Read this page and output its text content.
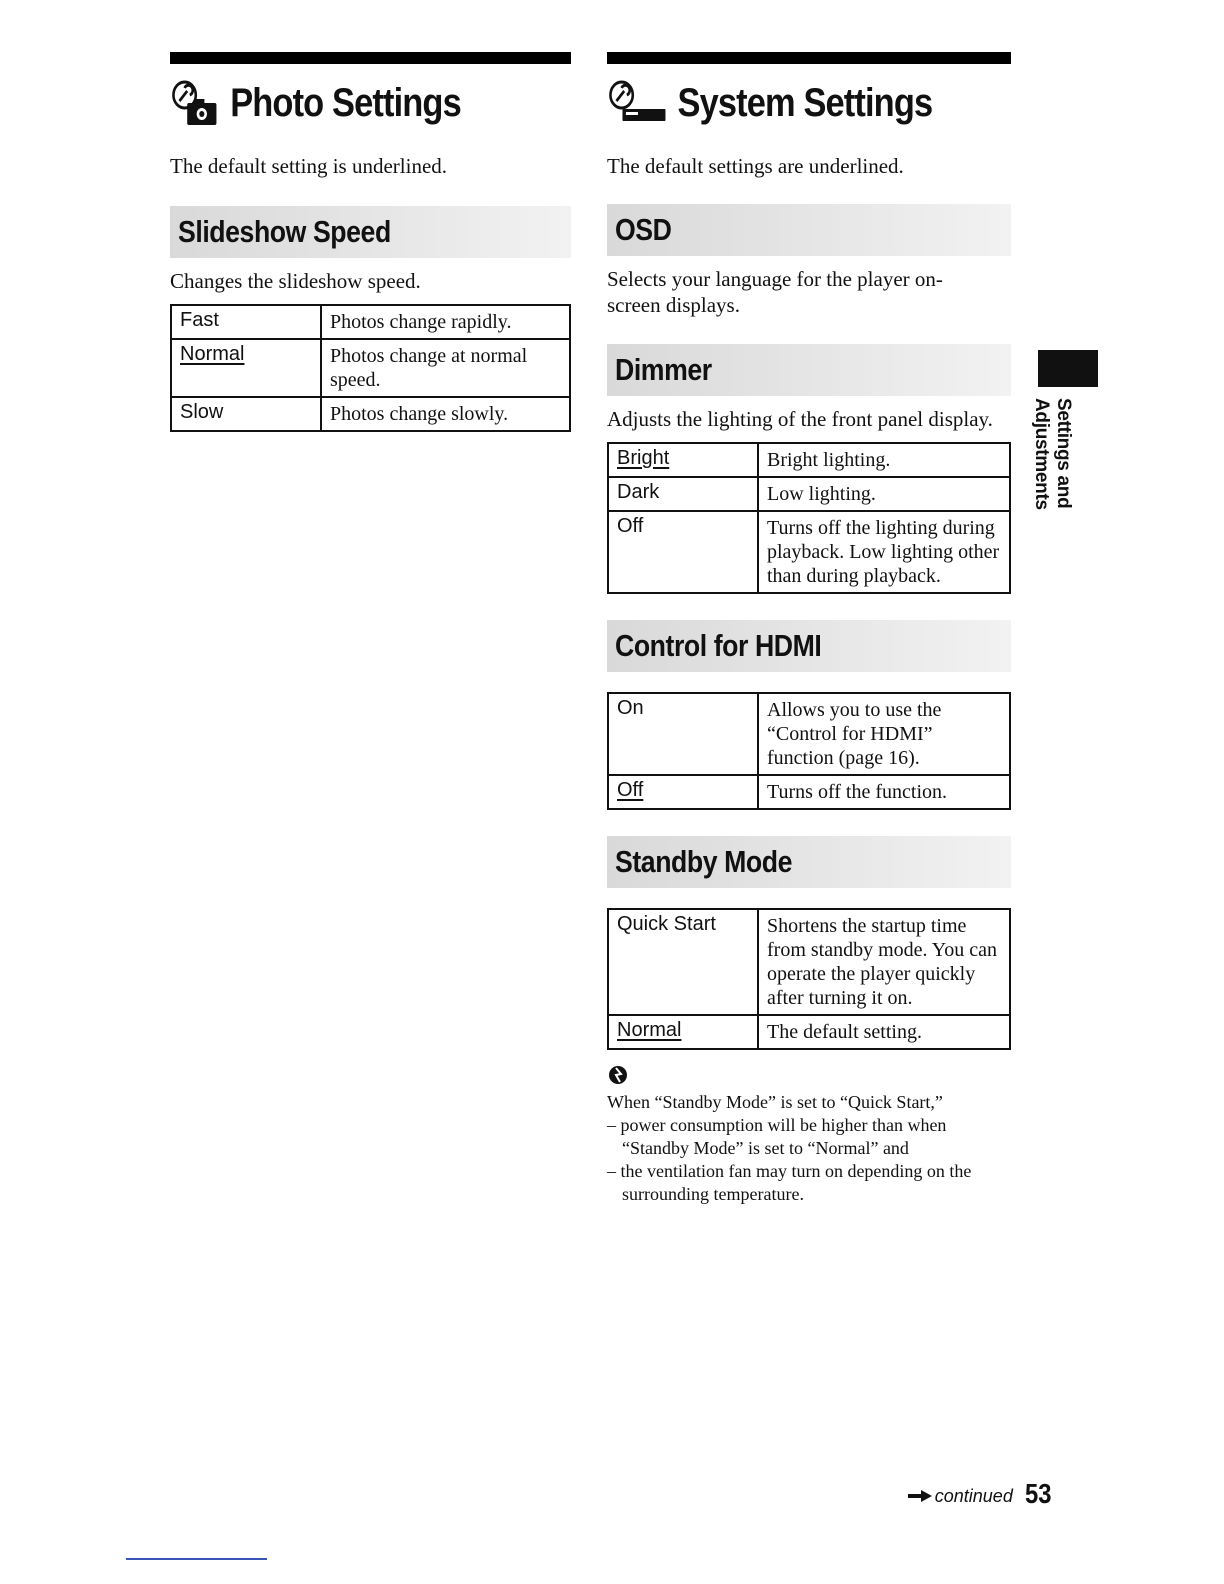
Photo Settings

The default setting is underlined.

Slideshow Speed

Changes the slideshow speed.

Fast	Photos change rapidly.
Normal	Photos change at normal speed.
Slow	Photos change slowly.
System Settings

The default settings are underlined.

OSD

Selects your language for the player on-screen displays.

Dimmer

Adjusts the lighting of the front panel display.

Bright	Bright lighting.
Dark	Low lighting.
Off	Turns off the lighting during playback. Low lighting other than during playback.
Control for HDMI
On	Allows you to use the “Control for HDMI” function (page 16).
Off	Turns off the function.
Standby Mode
Quick Start	Shortens the startup time from standby mode. You can operate the player quickly after turning it on.
Normal	The default setting.

When “Standby Mode” is set to “Quick Start,”

– power consumption will be higher than when “Standby Mode” is set to “Normal” and

– the ventilation fan may turn on depending on the surrounding temperature.

Settings and Adjustments
continued 53
